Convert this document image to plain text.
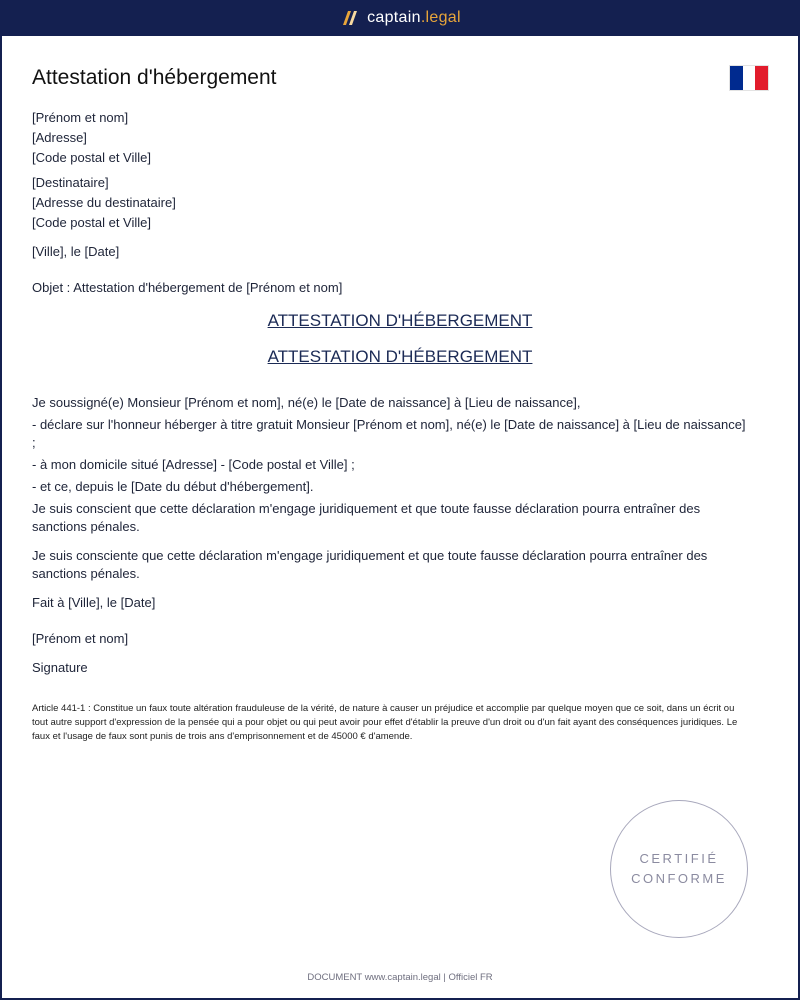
captain.legal
Attestation d'hébergement
[Prénom et nom]
[Adresse]
[Code postal et Ville]
[Destinataire]
[Adresse du destinataire]
[Code postal et Ville]
[Ville], le [Date]
Objet : Attestation d'hébergement de [Prénom et nom]
ATTESTATION D'HÉBERGEMENT
ATTESTATION D'HÉBERGEMENT
Je soussigné(e) Monsieur [Prénom et nom], né(e) le [Date de naissance] à [Lieu de naissance],
- déclare sur l'honneur héberger à titre gratuit Monsieur [Prénom et nom], né(e) le [Date de naissance] à [Lieu de naissance] ;
- à mon domicile situé [Adresse] - [Code postal et Ville] ;
- et ce, depuis le [Date du début d'hébergement].
Je suis conscient que cette déclaration m'engage juridiquement et que toute fausse déclaration pourra entraîner des sanctions pénales.
Je suis consciente que cette déclaration m'engage juridiquement et que toute fausse déclaration pourra entraîner des sanctions pénales.
Fait à [Ville], le [Date]
[Prénom et nom]
Signature
Article 441-1 : Constitue un faux toute altération frauduleuse de la vérité, de nature à causer un préjudice et accomplie par quelque moyen que ce soit, dans un écrit ou tout autre support d'expression de la pensée qui a pour objet ou qui peut avoir pour effet d'établir la preuve d'un droit ou d'un fait ayant des conséquences juridiques. Le faux et l'usage de faux sont punis de trois ans d'emprisonnement et de 45000 € d'amende.
CERTIFIÉ
CONFORME
DOCUMENT www.captain.legal | Officiel FR
